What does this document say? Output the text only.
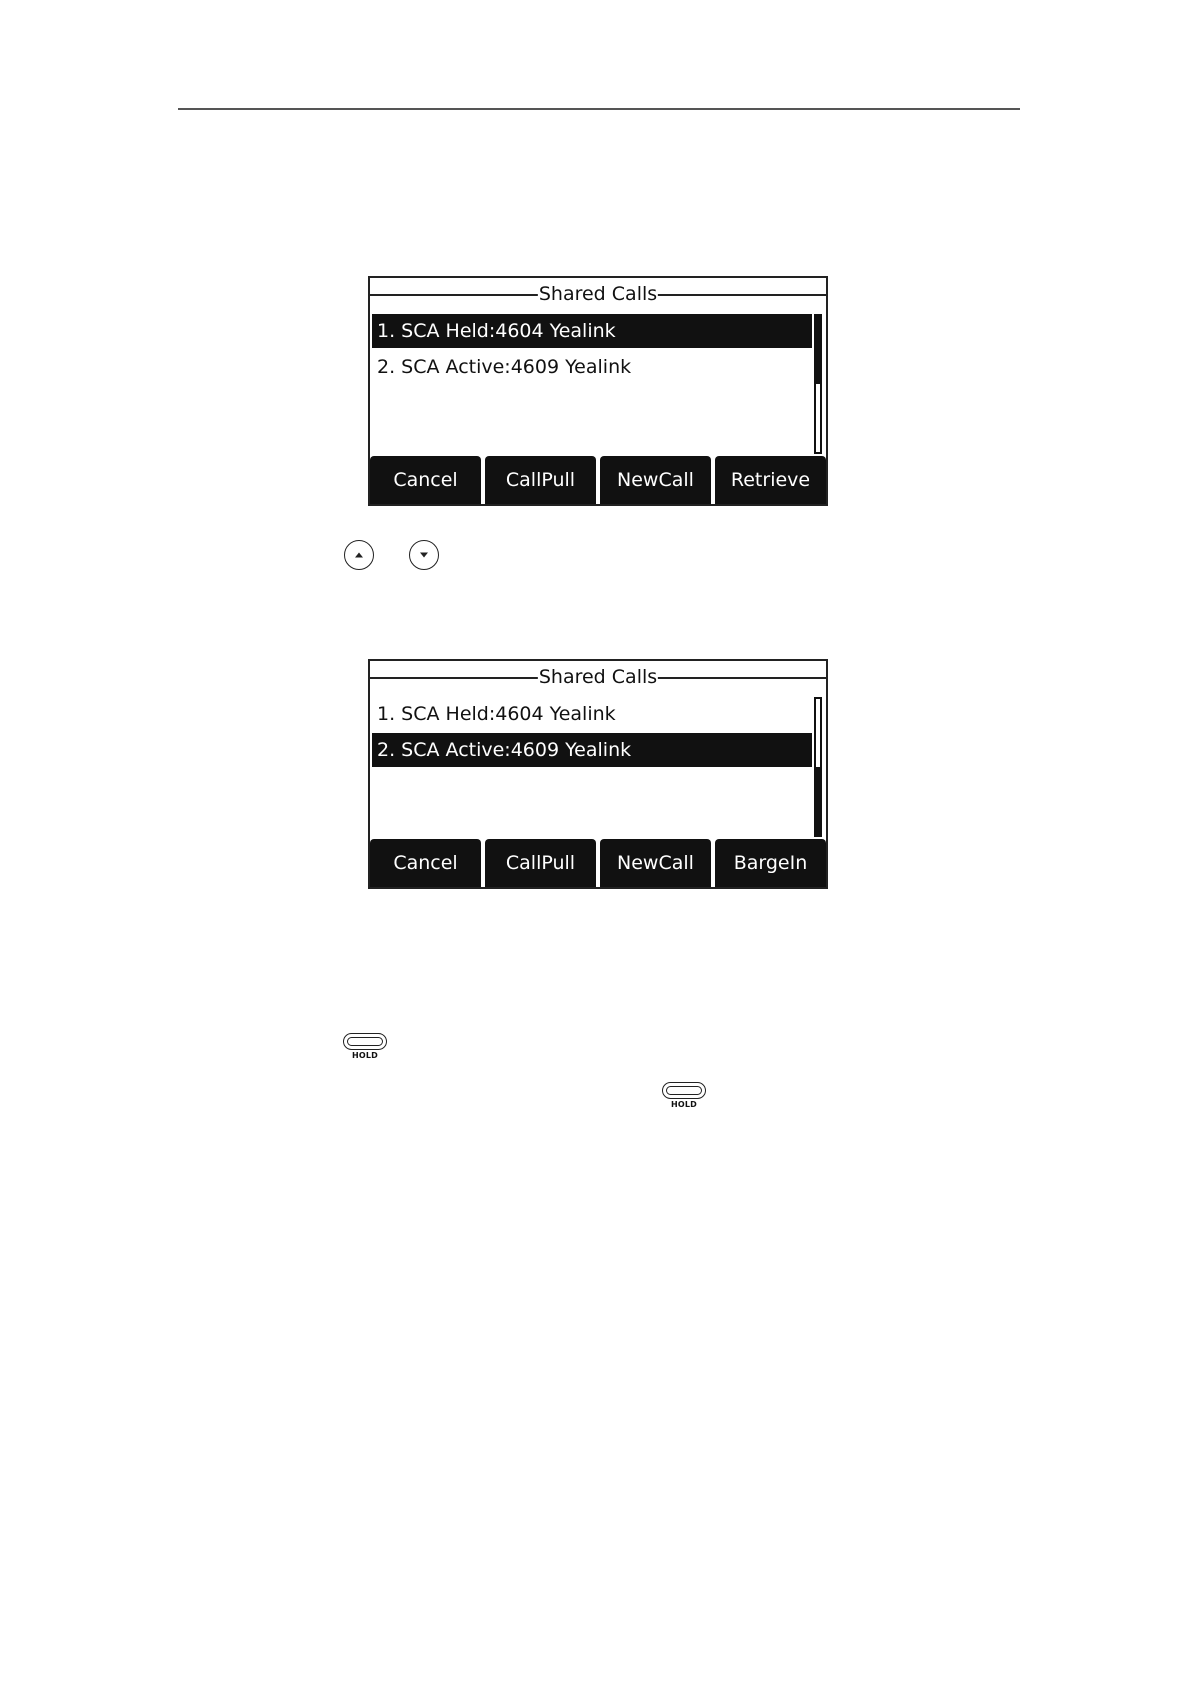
Shared Calls
1. SCA Held:4604 Yealink
2. SCA Active:4609 Yealink
Cancel	CallPull	NewCall	Retrieve
Shared Calls
1. SCA Held:4604 Yealink
2. SCA Active:4609 Yealink
Cancel	CallPull	NewCall	BargeIn
HOLD
HOLD
